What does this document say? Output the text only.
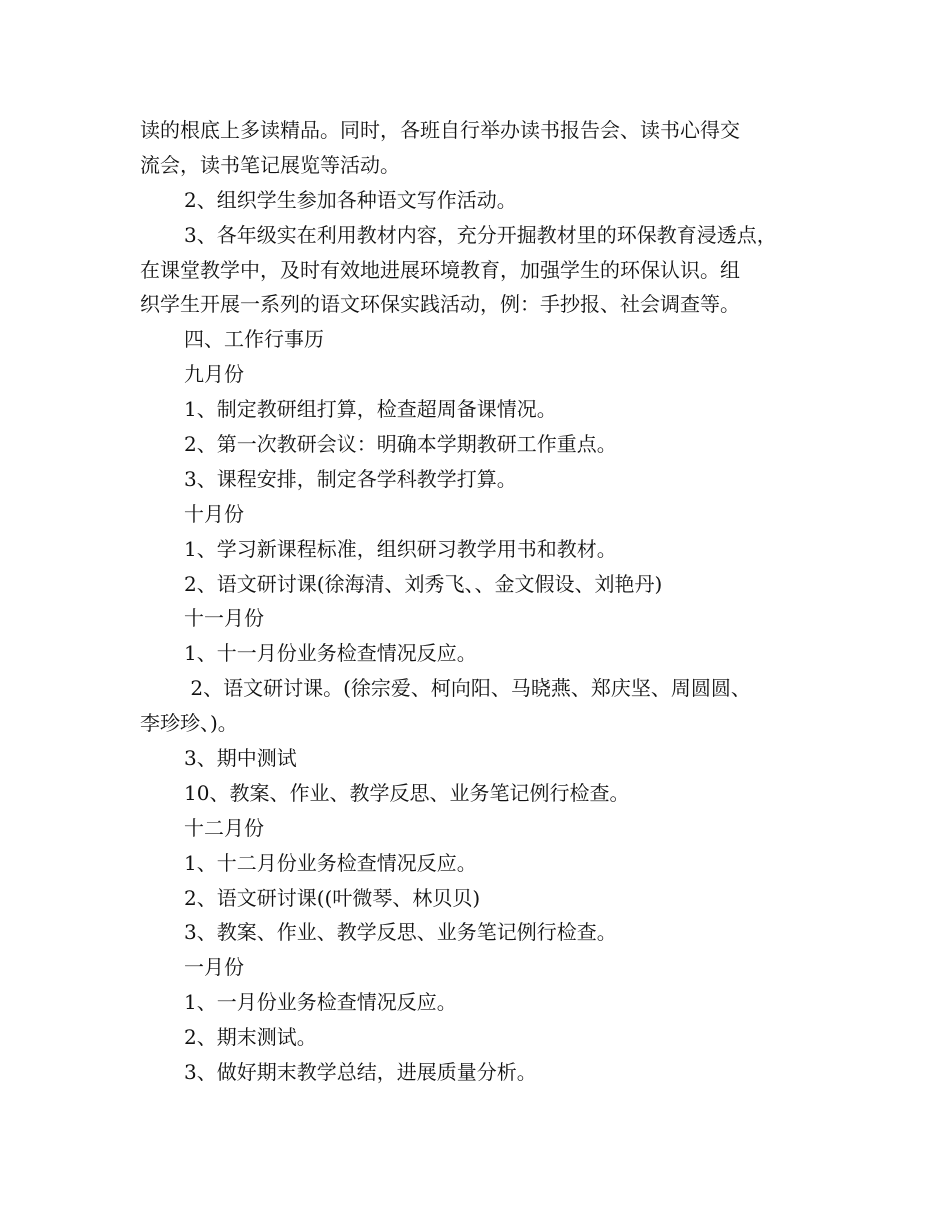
读的根底上多读精品。同时，各班自行举办读书报告会、读书心得交
流会，读书笔记展览等活动。
2、组织学生参加各种语文写作活动。
3、各年级实在利用教材内容，充分开掘教材里的环保教育浸透点，
在课堂教学中，及时有效地进展环境教育，加强学生的环保认识。组
织学生开展一系列的语文环保实践活动，例：手抄报、社会调查等。
四、工作行事历
九月份
1、制定教研组打算，检查超周备课情况。
2、第一次教研会议：明确本学期教研工作重点。
3、课程安排，制定各学科教学打算。
十月份
1、学习新课程标准，组织研习教学用书和教材。
2、语文研讨课(徐海清、刘秀飞、、金文假设、刘艳丹)
十一月份
1、十一月份业务检查情况反应。
2、语文研讨课。(徐宗爱、柯向阳、马晓燕、郑庆坚、周圆圆、
李珍珍、)。
3、期中测试
10、教案、作业、教学反思、业务笔记例行检查。
十二月份
1、十二月份业务检查情况反应。
2、语文研讨课((叶微琴、林贝贝)
3、教案、作业、教学反思、业务笔记例行检查。
一月份
1、一月份业务检查情况反应。
2、期末测试。
3、做好期末教学总结，进展质量分析。
